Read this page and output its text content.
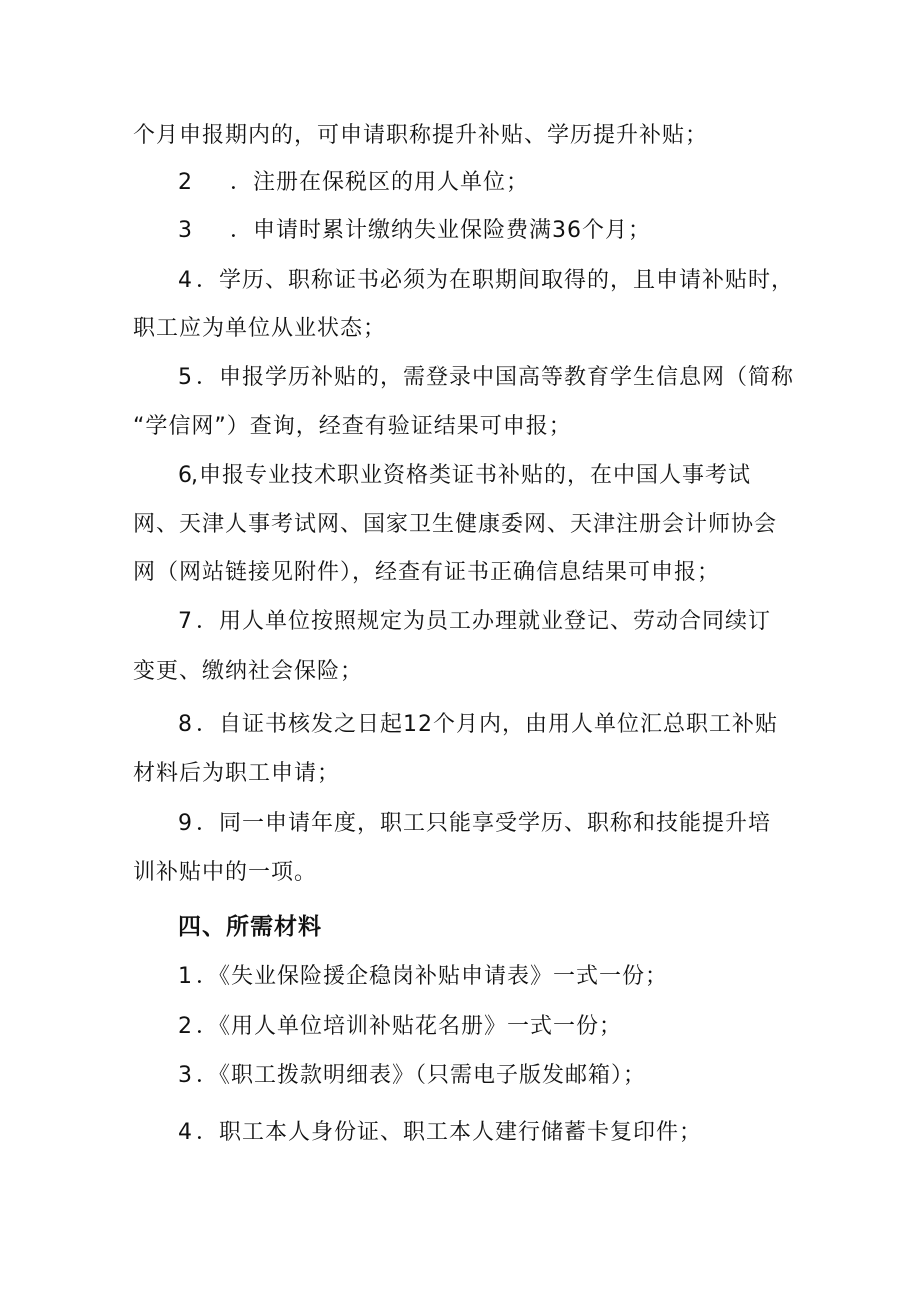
个月申报期内的，可申请职称提升补贴、学历提升补贴；
2 ．注册在保税区的用人单位；
3 ．申请时累计缴纳失业保险费满36个月；
4 ．学历、职称证书必须为在职期间取得的，且申请补贴时，
职工应为单位从业状态；
5 ．申报学历补贴的，需登录中国高等教育学生信息网（简称
“学信网”）查询，经查有验证结果可申报；
6
,申报专业技术职业资格类证书补贴的，在中国人事考试
网、天津人事考试网、国家卫生健康委网、天津注册会计师协会
网（网站链接见附件），经查有证书正确信息结果可申报；
7 ．用人单位按照规定为员工办理就业登记、劳动合同续订
变更、缴纳社会保险；
8 ．自证书核发之日起12个月内，由用人单位汇总职工补贴
材料后为职工申请；
9 ．同一申请年度，职工只能享受学历、职称和技能提升培
训补贴中的一项。
四、所需材料
1 ．《失业保险援企稳岗补贴申请表》一式一份；
2 ．《用人单位培训补贴花名册》一式一份；
3 ．《职工拨款明细表》（只需电子版发邮箱）；
4 ．职工本人身份证、职工本人建行储蓄卡复印件；
